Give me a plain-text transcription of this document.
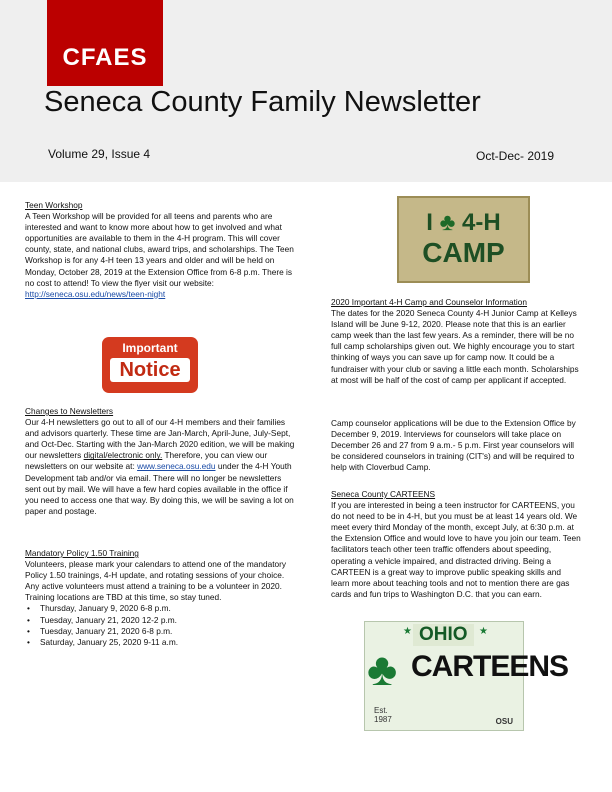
CFAES
Seneca County Family Newsletter
Volume 29, Issue 4	Oct-Dec- 2019
Teen Workshop
A Teen Workshop will be provided for all teens and parents who are interested and want to know more about how to get involved and what opportunities are available to them in the 4-H program. This will cover county, state, and national clubs, award trips, and scholarships. The Teen Workshop is for any 4-H teen 13 years and older and will be held on Monday, October 28, 2019 at the Extension Office from 6-8 p.m. There is no cost to attend! To view the flyer visit our website: http://seneca.osu.edu/news/teen-night
Important
Notice
Changes to Newsletters
Our 4-H newsletters go out to all of our 4-H members and their families and advisors quarterly. These time are Jan-March, April-June, July-Sept, and Oct-Dec. Starting with the Jan-March 2020 edition, we will be making our newsletters digital/electronic only. Therefore, you can view our newsletters on our website at: www.seneca.osu.edu under the 4-H Youth Development tab and/or via email. There will no longer be newsletters sent out by mail. We will have a few hard copies available in the office if you need to access one that way. By doing this, we will be saving a lot on paper and postage.
Mandatory Policy 1.50 Training
Volunteers, please mark your calendars to attend one of the mandatory Policy 1.50 trainings, 4-H update, and rotating sessions of your choice. Any active volunteers must attend a training to be a volunteer in 2020.
Training locations are TBD at this time, so stay tuned.
• Thursday, January 9, 2020 6-8 p.m.
• Tuesday, January 21, 2020 12-2 p.m.
• Tuesday, January 21, 2020 6-8 p.m.
• Saturday, January 25, 2020 9-11 a.m.
I ♣ 4-H
CAMP
2020 Important 4-H Camp and Counselor Information
The dates for the 2020 Seneca County 4-H Junior Camp at Kelleys Island will be June 9-12, 2020. Please note that this is an earlier camp week than the last few years. As a reminder, there will be no full camp scholarships given out. We highly encourage you to start thinking of ways you can save up for camp now. It could be a fundraiser with your club or saving a little each month. Scholarships at most will be half of the cost of camp per applicant if accepted.
Camp counselor applications will be due to the Extension Office by December 9, 2019. Interviews for counselors will take place on December 26 and 27 from 9 a.m.- 5 p.m. First year counselors will be considered counselors in training (CIT's) and will be required to help with Cloverbud Camp.
Seneca County CARTEENS
If you are interested in being a teen instructor for CARTEENS, you do not need to be in 4-H, but you must be at least 14 years old. We meet every third Monday of the month, except July, at 6:30 p.m. at the Extension Office and would love to have you join our team. Teen facilitators teach other teen traffic offenders about speeding, operating a vehicle impaired, and distracted driving. Being a CARTEEN is a great way to improve public speaking skills and learn more about teaching tools and not to mention there are gas cards and fun trips to Washington D.C. that you can earn.
★	★
OHIO
♣ CARTEENS
Est.
1987	OSU
